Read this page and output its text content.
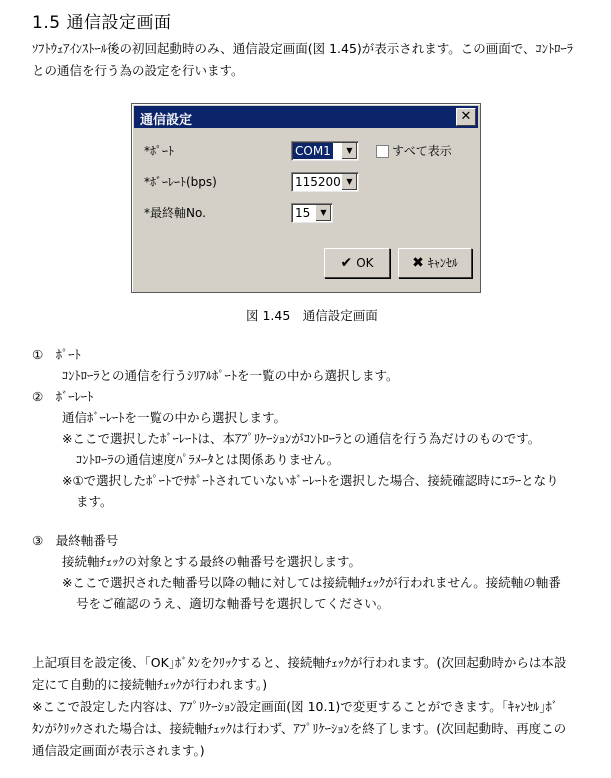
1.5 通信設定画面
ｿﾌﾄｳｪｱｲﾝｽﾄｰﾙ後の初回起動時のみ、通信設定画面(図 1.45)が表示されます。この画面で、ｺﾝﾄﾛｰﾗ
との通信を行う為の設定を行います。
通信設定	✕
*ﾎﾟｰﾄ	COM1	▼	すべて表示
*ﾎﾞｰﾚｰﾄ(bps)	115200 ▼
*最終軸No.	15	▼
✔ OK	✖ ｷｬﾝｾﾙ
図 1.45　通信設定画面
①　ﾎﾟｰﾄ
ｺﾝﾄﾛｰﾗとの通信を行うｼﾘｱﾙﾎﾟｰﾄを一覧の中から選択します。
②　ﾎﾞｰﾚｰﾄ
通信ﾎﾞｰﾚｰﾄを一覧の中から選択します。
※ここで選択したﾎﾞｰﾚｰﾄは、本ｱﾌﾟﾘｹｰｼｮﾝがｺﾝﾄﾛｰﾗとの通信を行う為だけのものです。
ｺﾝﾄﾛｰﾗの通信速度ﾊﾟﾗﾒｰﾀとは関係ありません。
※①で選択したﾎﾟｰﾄでｻﾎﾟｰﾄされていないﾎﾞｰﾚｰﾄを選択した場合、接続確認時にｴﾗｰとなり
ます。
③　最終軸番号
接続軸ﾁｪｯｸの対象とする最終の軸番号を選択します。
※ここで選択された軸番号以降の軸に対しては接続軸ﾁｪｯｸが行われません。接続軸の軸番
号をご確認のうえ、適切な軸番号を選択してください。
上記項目を設定後、｢OK｣ﾎﾞﾀﾝをｸﾘｯｸすると、接続軸ﾁｪｯｸが行われます。(次回起動時からは本設
定にて自動的に接続軸ﾁｪｯｸが行われます。)
※ここで設定した内容は、ｱﾌﾟﾘｹｰｼｮﾝ設定画面(図 10.1)で変更することができます。｢ｷｬﾝｾﾙ｣ﾎﾞ
ﾀﾝがｸﾘｯｸされた場合は、接続軸ﾁｪｯｸは行わず、ｱﾌﾟﾘｹｰｼｮﾝを終了します。(次回起動時、再度この
通信設定画面が表示されます。)
